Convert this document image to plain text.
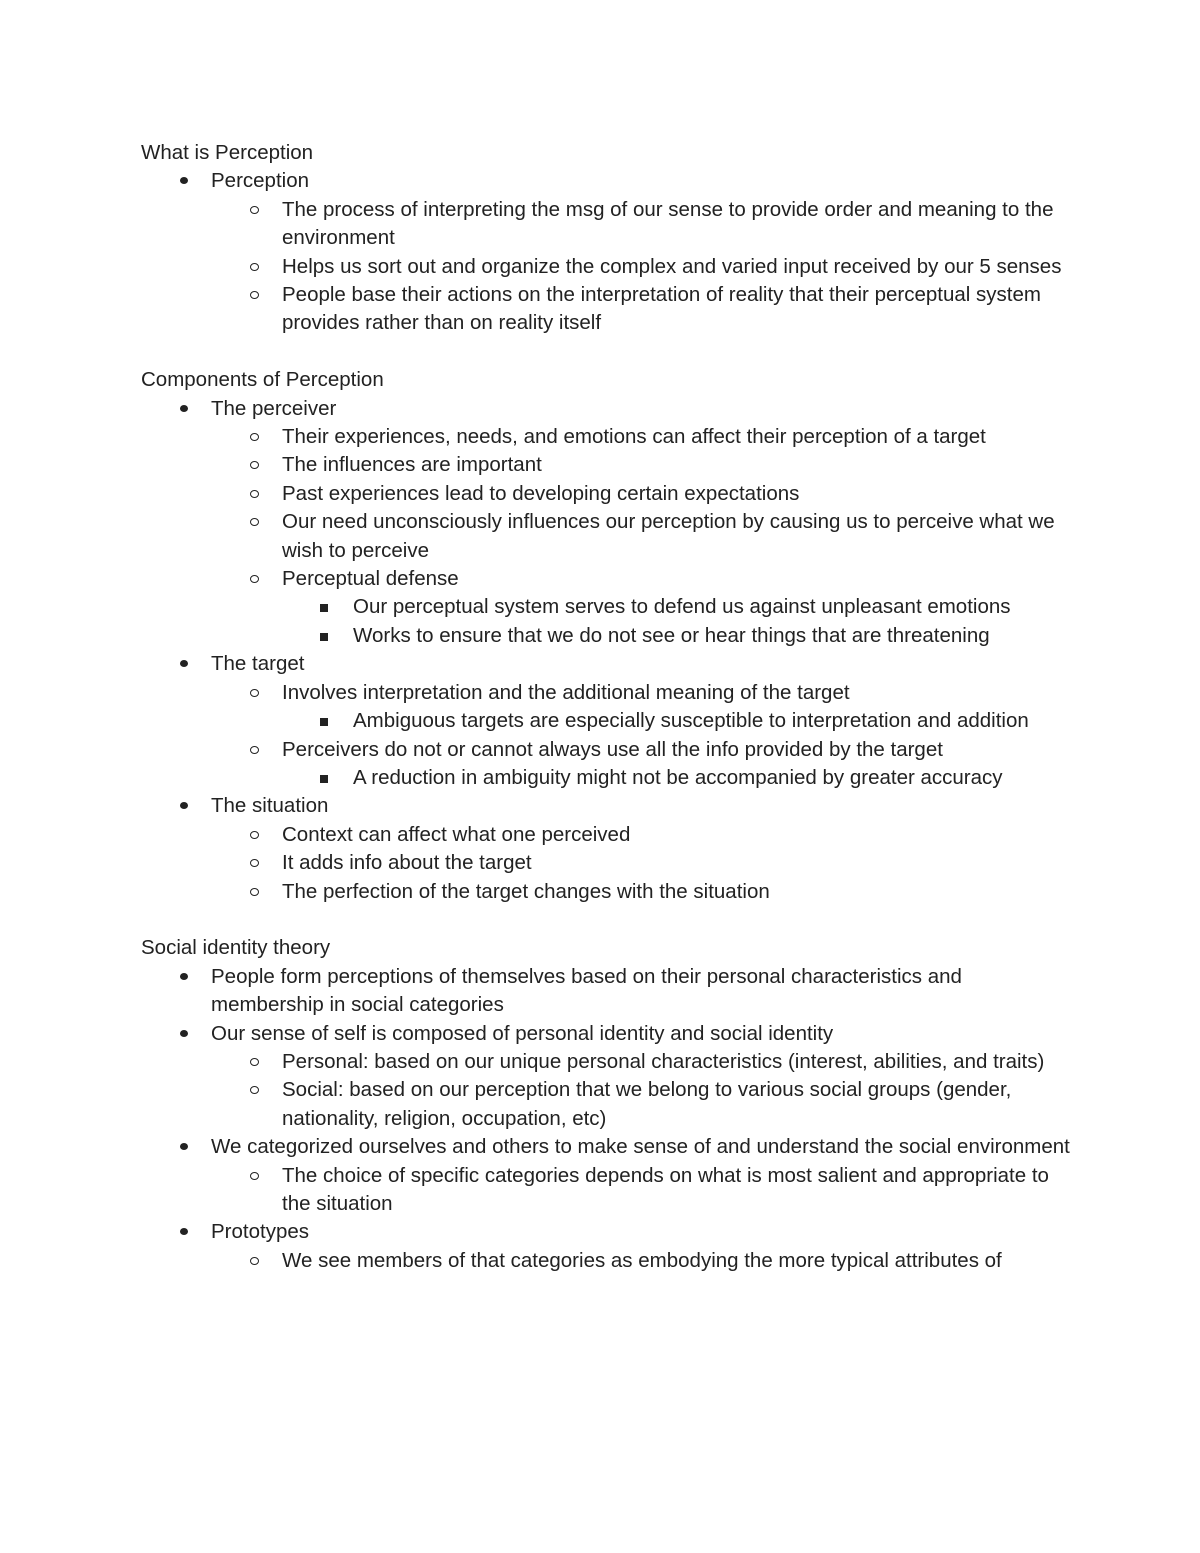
What is Perception

Perception
The process of interpreting the msg of our sense to provide order and meaning to the environment
Helps us sort out and organize the complex and varied input received by our 5 senses
People base their actions on the interpretation of reality that their perceptual system provides rather than on reality itself

Components of Perception

The perceiver
Their experiences, needs, and emotions can affect their perception of a target
The influences are important
Past experiences lead to developing certain expectations
Our need unconsciously influences our perception by causing us to perceive what we wish to perceive
Perceptual defense
Our perceptual system serves to defend us against unpleasant emotions
Works to ensure that we do not see or hear things that are threatening
The target
Involves interpretation and the additional meaning of the target
Ambiguous targets are especially susceptible to interpretation and addition
Perceivers do not or cannot always use all the info provided by the target
A reduction in ambiguity might not be accompanied by greater accuracy
The situation
Context can affect what one perceived
It adds info about the target
The perfection of the target changes with the situation

Social identity theory

People form perceptions of themselves based on their personal characteristics and membership in social categories
Our sense of self is composed of personal identity and social identity
Personal: based on our unique personal characteristics (interest, abilities, and traits)
Social: based on our perception that we belong to various social groups (gender, nationality, religion, occupation, etc)
We categorized ourselves and others to make sense of and understand the social environment
The choice of specific categories depends on what is most salient and appropriate to the situation
Prototypes
We see members of that categories as embodying the more typical attributes of
